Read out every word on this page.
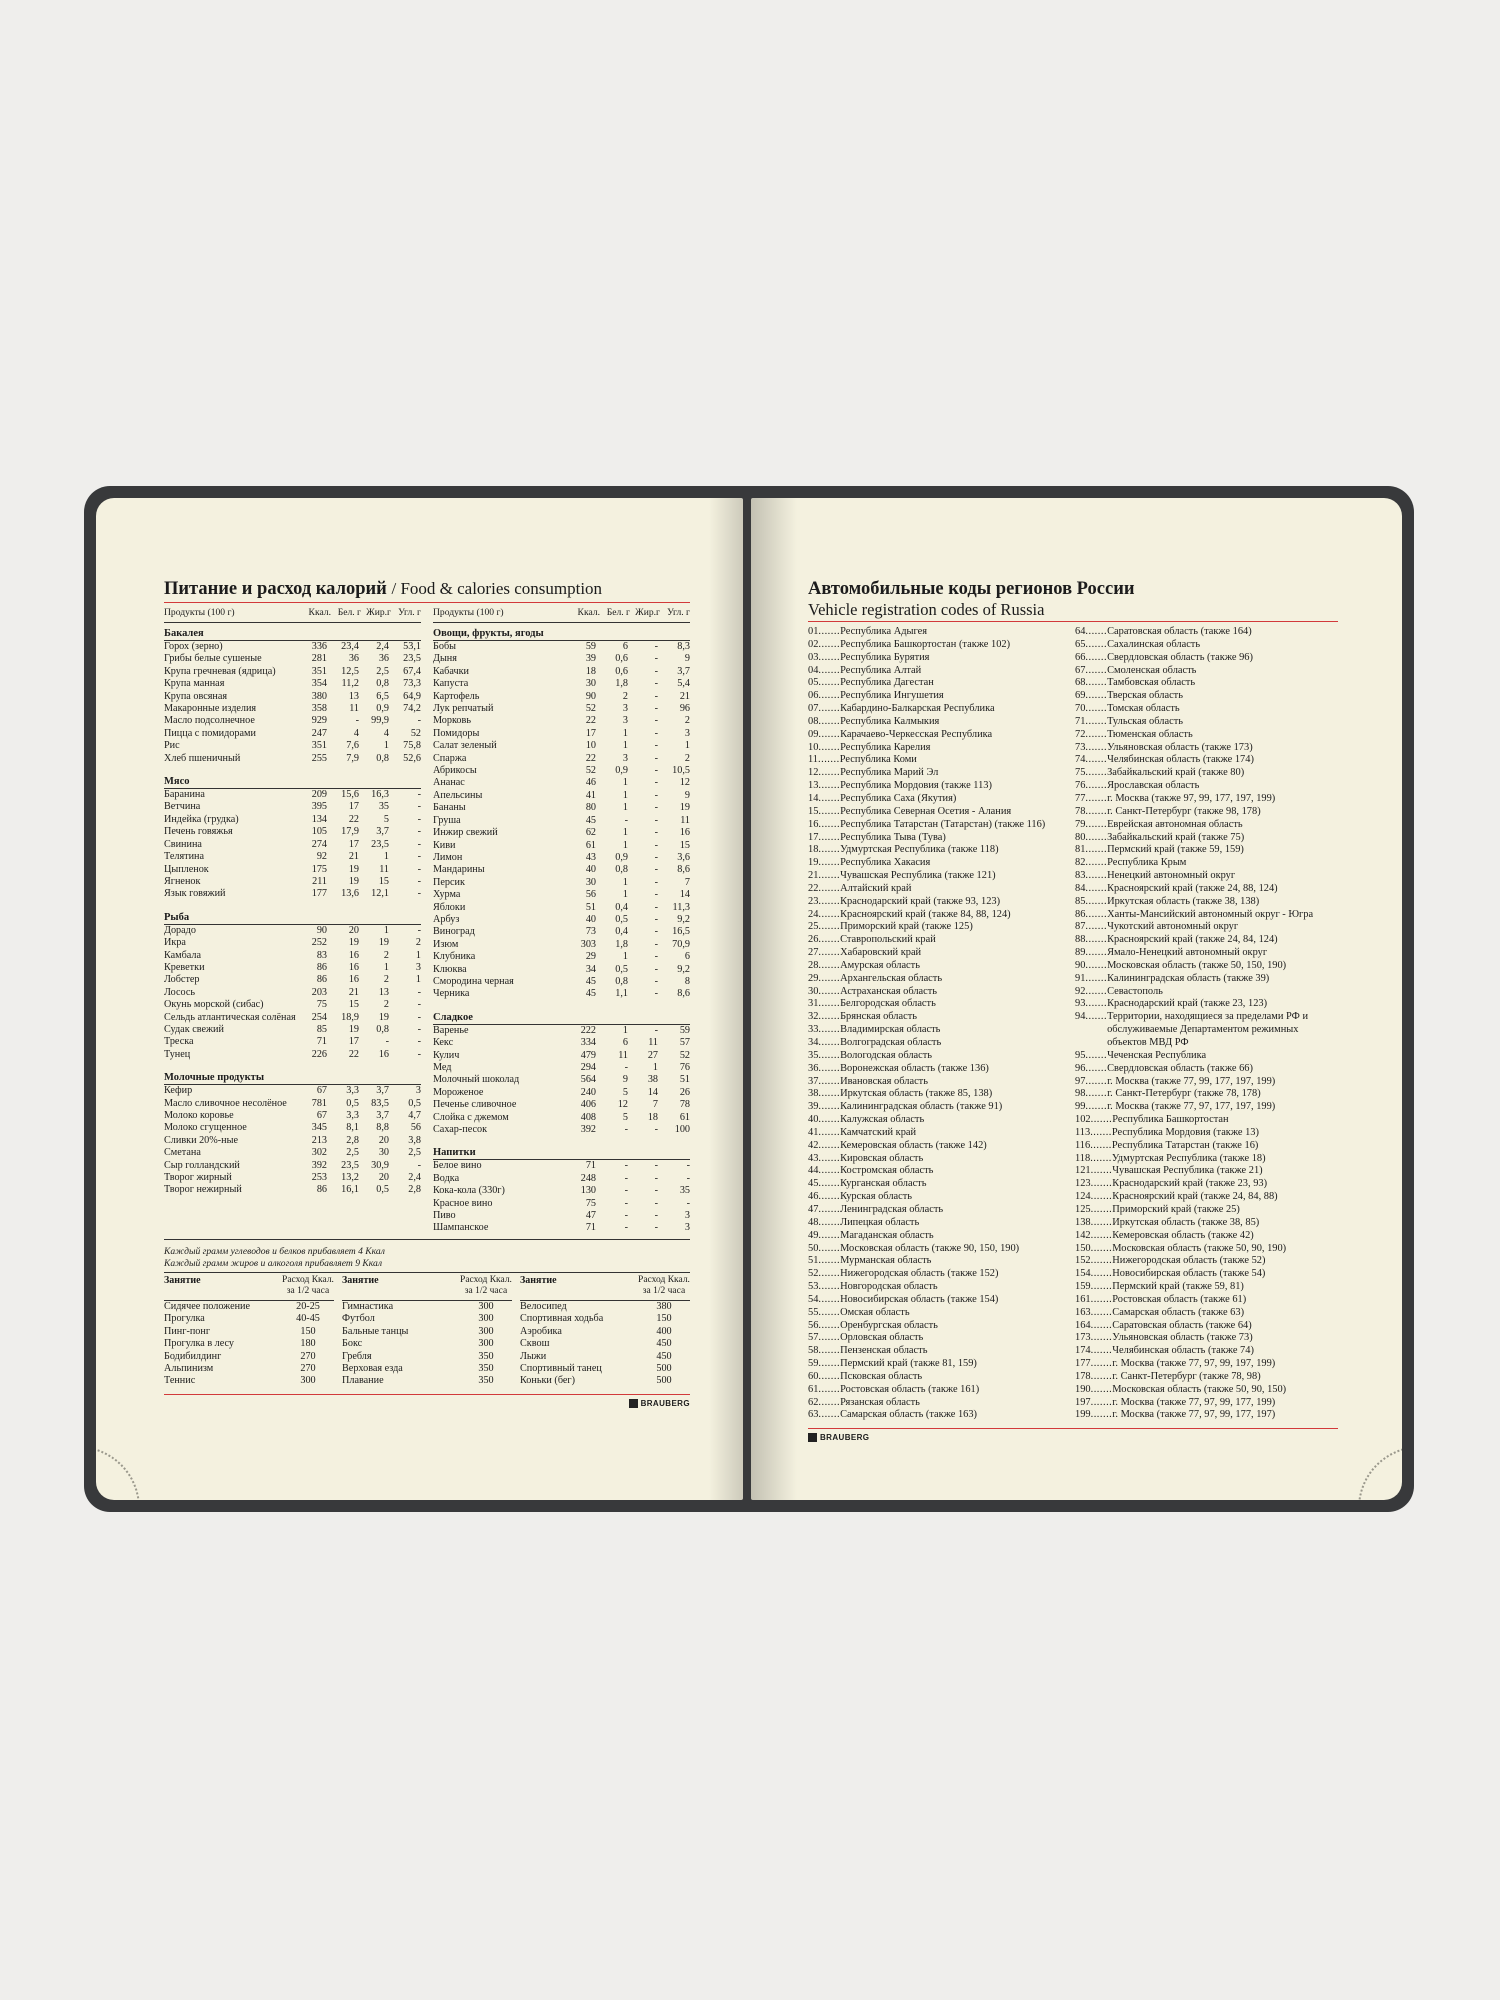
Питание и расход калорий / Food & calories consumption
Продукты (100 г)	Ккал. Бел. г Жир.г Угл. г
Бакалея
Горох (зерно)	336	23,4	2,4	53,1
Грибы белые сушеные	281	36	36	23,5
Крупа гречневая (ядрица)	351	12,5	2,5	67,4
Крупа манная	354	11,2	0,8	73,3
Крупа овсяная	380	13	6,5	64,9
Макаронные изделия	358	11	0,9	74,2
Масло подсолнечное	929	-	99,9	-
Пицца с помидорами	247	4	4	52
Рис	351	7,6	1	75,8
Хлеб пшеничный	255	7,9	0,8	52,6
Мясо
Баранина	209	15,6	16,3	-
Ветчина	395	17	35	-
Индейка (грудка)	134	22	5	-
Печень говяжья	105	17,9	3,7	-
Свинина	274	17	23,5	-
Телятина	92	21	1	-
Цыпленок	175	19	11	-
Ягненок	211	19	15	-
Язык говяжий	177	13,6	12,1	-
Рыба
Дорадо	90	20	1	-
Икра	252	19	19	2
Камбала	83	16	2	1
Креветки	86	16	1	3
Лобстер	86	16	2	1
Лосось	203	21	13	-
Окунь морской (сибас)	75	15	2	-
Сельдь атлантическая солёная	254	18,9	19	-
Судак свежий	85	19	0,8	-
Треска	71	17	-	-
Тунец	226	22	16	-
Молочные продукты
Кефир	67	3,3	3,7	3
Масло сливочное несолёное	781	0,5	83,5	0,5
Молоко коровье	67	3,3	3,7	4,7
Молоко сгущенное	345	8,1	8,8	56
Сливки 20%-ные	213	2,8	20	3,8
Сметана	302	2,5	30	2,5
Сыр голландский	392	23,5	30,9	-
Творог жирный	253	13,2	20	2,4
Творог нежирный	86	16,1	0,5	2,8
Продукты (100 г)	Ккал. Бел. г Жир.г Угл. г
Овощи, фрукты, ягоды
Бобы	59	6	-	8,3
Дыня	39	0,6	-	9
Кабачки	18	0,6	-	3,7
Капуста	30	1,8	-	5,4
Картофель	90	2	-	21
Лук репчатый	52	3	-	96
Морковь	22	3	-	2
Помидоры	17	1	-	3
Салат зеленый	10	1	-	1
Спаржа	22	3	-	2
Абрикосы	52	0,9	-	10,5
Ананас	46	1	-	12
Апельсины	41	1	-	9
Бананы	80	1	-	19
Груша	45	-	-	11
Инжир свежий	62	1	-	16
Киви	61	1	-	15
Лимон	43	0,9	-	3,6
Мандарины	40	0,8	-	8,6
Персик	30	1	-	7
Хурма	56	1	-	14
Яблоки	51	0,4	-	11,3
Арбуз	40	0,5	-	9,2
Виноград	73	0,4	-	16,5
Изюм	303	1,8	-	70,9
Клубника	29	1	-	6
Клюква	34	0,5	-	9,2
Смородина черная	45	0,8	-	8
Черника	45	1,1	-	8,6
Сладкое
Варенье	222	1	-	59
Кекс	334	6	11	57
Кулич	479	11	27	52
Мед	294	-	1	76
Молочный шоколад	564	9	38	51
Мороженое	240	5	14	26
Печенье сливочное	406	12	7	78
Слойка с джемом	408	5	18	61
Сахар-песок	392	-	-	100
Напитки
Белое вино	71	-	-	-
Водка	248	-	-	-
Кока-кола (330г)	130	-	-	35
Красное вино	75	-	-	-
Пиво	47	-	-	3
Шампанское	71	-	-	3
Каждый грамм углеводов и белков прибавляет 4 Ккал
Каждый грамм жиров и алкоголя прибавляет 9 Ккал
Занятие	Расход Ккал. за 1/2 часа
Сидячее положение	20-25
Прогулка	40-45
Пинг-понг	150
Прогулка в лесу	180
Бодибилдинг	270
Альпинизм	270
Теннис	300
Занятие	Расход Ккал. за 1/2 часа
Гимнастика	300
Футбол	300
Бальные танцы	300
Бокс	300
Гребля	350
Верховая езда	350
Плавание	350
Занятие	Расход Ккал. за 1/2 часа
Велосипед	380
Спортивная ходьба	150
Аэробика	400
Сквош	450
Лыжи	450
Спортивный танец	500
Коньки (бег)	500
BRAUBERG
Автомобильные коды регионов России
Vehicle registration codes of Russia
01 ....... Республика Адыгея
02 ....... Республика Башкортостан (также 102)
03 ....... Республика Бурятия
04 ....... Республика Алтай
05 ....... Республика Дагестан
06 ....... Республика Ингушетия
07 ....... Кабардино-Балкарская Республика
08 ....... Республика Калмыкия
09 ....... Карачаево-Черкесская Республика
10 ....... Республика Карелия
11 ....... Республика Коми
12 ....... Республика Марий Эл
13 ....... Республика Мордовия (также 113)
14 ....... Республика Саха (Якутия)
15 ....... Республика Северная Осетия - Алания
16 ....... Республика Татарстан (Татарстан) (также 116)
17 ....... Республика Тыва (Тува)
18 ....... Удмуртская Республика (также 118)
19 ....... Республика Хакасия
21 ....... Чувашская Республика (также 121)
22 ....... Алтайский край
23 ....... Краснодарский край (также 93, 123)
24 ....... Красноярский край (также 84, 88, 124)
25 ....... Приморский край (также 125)
26 ....... Ставропольский край
27 ....... Хабаровский край
28 ....... Амурская область
29 ....... Архангельская область
30 ....... Астраханская область
31 ....... Белгородская область
32 ....... Брянская область
33 ....... Владимирская область
34 ....... Волгоградская область
35 ....... Вологодская область
36 ....... Воронежская область (также 136)
37 ....... Ивановская область
38 ....... Иркутская область (также 85, 138)
39 ....... Калининградская область (также 91)
40 ....... Калужская область
41 ....... Камчатский край
42 ....... Кемеровская область (также 142)
43 ....... Кировская область
44 ....... Костромская область
45 ....... Курганская область
46 ....... Курская область
47 ....... Ленинградская область
48 ....... Липецкая область
49 ....... Магаданская область
50 ....... Московская область (также 90, 150, 190)
51 ....... Мурманская область
52 ....... Нижегородская область (также 152)
53 ....... Новгородская область
54 ....... Новосибирская область (также 154)
55 ....... Омская область
56 ....... Оренбургская область
57 ....... Орловская область
58 ....... Пензенская область
59 ....... Пермский край (также 81, 159)
60 ....... Псковская область
61 ....... Ростовская область (также 161)
62 ....... Рязанская область
63 ....... Самарская область (также 163)
64 ....... Саратовская область (также 164)
65 ....... Сахалинская область
66 ....... Свердловская область (также 96)
67 ....... Смоленская область
68 ....... Тамбовская область
69 ....... Тверская область
70 ....... Томская область
71 ....... Тульская область
72 ....... Тюменская область
73 ....... Ульяновская область (также 173)
74 ....... Челябинская область (также 174)
75 ....... Забайкальский край (также 80)
76 ....... Ярославская область
77 ....... г. Москва (также 97, 99, 177, 197, 199)
78 ....... г. Санкт-Петербург (также 98, 178)
79 ....... Еврейская автономная область
80 ....... Забайкальский край (также 75)
81 ....... Пермский край (также 59, 159)
82 ....... Республика Крым
83 ....... Ненецкий автономный округ
84 ....... Красноярский край (также 24, 88, 124)
85 ....... Иркутская область (также 38, 138)
86 ....... Ханты-Мансийский автономный округ - Югра
87 ....... Чукотский автономный округ
88 ....... Красноярский край (также 24, 84, 124)
89 ....... Ямало-Ненецкий автономный округ
90 ....... Московская область (также 50, 150, 190)
91 ....... Калининградская область (также 39)
92 ....... Севастополь
93 ....... Краснодарский край (также 23, 123)
94 ....... Территории, находящиеся за пределами РФ и обслуживаемые Департаментом режимных объектов МВД РФ
95 ....... Чеченская Республика
96 ....... Свердловская область (также 66)
97 ....... г. Москва (также 77, 99, 177, 197, 199)
98 ....... г. Санкт-Петербург (также 78, 178)
99 ....... г. Москва (также 77, 97, 177, 197, 199)
102 ....... Республика Башкортостан
113 ....... Республика Мордовия (также 13)
116 ....... Республика Татарстан (также 16)
118 ....... Удмуртская Республика (также 18)
121 ....... Чувашская Республика (также 21)
123 ....... Краснодарский край (также 23, 93)
124 ....... Красноярский край (также 24, 84, 88)
125 ....... Приморский край (также 25)
138 ....... Иркутская область (также 38, 85)
142 ....... Кемеровская область (также 42)
150 ....... Московская область (также 50, 90, 190)
152 ....... Нижегородская область (также 52)
154 ....... Новосибирская область (также 54)
159 ....... Пермский край (также 59, 81)
161 ....... Ростовская область (также 61)
163 ....... Самарская область (также 63)
164 ....... Саратовская область (также 64)
173 ....... Ульяновская область (также 73)
174 ....... Челябинская область (также 74)
177 ....... г. Москва (также 77, 97, 99, 197, 199)
178 ....... г. Санкт-Петербург (также 78, 98)
190 ....... Московская область (также 50, 90, 150)
197 ....... г. Москва (также 77, 97, 99, 177, 199)
199 ....... г. Москва (также 77, 97, 99, 177, 197)
BRAUBERG
